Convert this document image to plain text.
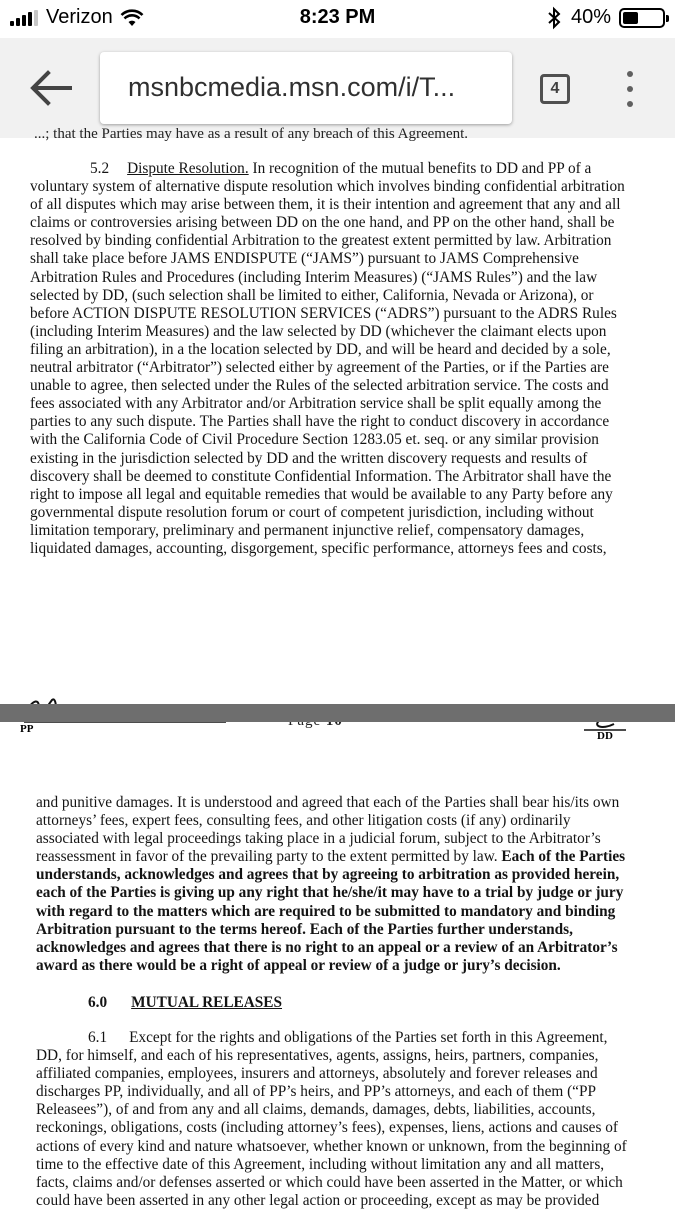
Verizon	8:23 PM	40%
msnbcmedia.msn.com/i/T...	4
...; that the Parties may have as a result of any breach of this Agreement.

5.2 Dispute Resolution. In recognition of the mutual benefits to DD and PP of a

voluntary system of alternative dispute resolution which involves binding confidential arbitration

of all disputes which may arise between them, it is their intention and agreement that any and all

claims or controversies arising between DD on the one hand, and PP on the other hand, shall be

resolved by binding confidential Arbitration to the greatest extent permitted by law. Arbitration

shall take place before JAMS ENDISPUTE (“JAMS”) pursuant to JAMS Comprehensive

Arbitration Rules and Procedures (including Interim Measures) (“JAMS Rules”) and the law

selected by DD, (such selection shall be limited to either, California, Nevada or Arizona), or

before ACTION DISPUTE RESOLUTION SERVICES (“ADRS”) pursuant to the ADRS Rules

(including Interim Measures) and the law selected by DD (whichever the claimant elects upon

filing an arbitration), in a the location selected by DD, and will be heard and decided by a sole,

neutral arbitrator (“Arbitrator”) selected either by agreement of the Parties, or if the Parties are

unable to agree, then selected under the Rules of the selected arbitration service. The costs and

fees associated with any Arbitrator and/or Arbitration service shall be split equally among the

parties to any such dispute. The Parties shall have the right to conduct discovery in accordance

with the California Code of Civil Procedure Section 1283.05 et. seq. or any similar provision

existing in the jurisdiction selected by DD and the written discovery requests and results of

discovery shall be deemed to constitute Confidential Information. The Arbitrator shall have the

right to impose all legal and equitable remedies that would be available to any Party before any

governmental dispute resolution forum or court of competent jurisdiction, including without

limitation temporary, preliminary and permanent injunctive relief, compensatory damages,

liquidated damages, accounting, disgorgement, specific performance, attorneys fees and costs,

PP
DD

and punitive damages. It is understood and agreed that each of the Parties shall bear his/its own

attorneys’ fees, expert fees, consulting fees, and other litigation costs (if any) ordinarily

associated with legal proceedings taking place in a judicial forum, subject to the Arbitrator’s

reassessment in favor of the prevailing party to the extent permitted by law. Each of the Parties

understands, acknowledges and agrees that by agreeing to arbitration as provided herein,

each of the Parties is giving up any right that he/she/it may have to a trial by judge or jury

with regard to the matters which are required to be submitted to mandatory and binding

Arbitration pursuant to the terms hereof. Each of the Parties further understands,

acknowledges and agrees that there is no right to an appeal or a review of an Arbitrator’s

award as there would be a right of appeal or review of a judge or jury’s decision.

6.0 MUTUAL RELEASES

6.1 Except for the rights and obligations of the Parties set forth in this Agreement,

DD, for himself, and each of his representatives, agents, assigns, heirs, partners, companies,

affiliated companies, employees, insurers and attorneys, absolutely and forever releases and

discharges PP, individually, and all of PP’s heirs, and PP’s attorneys, and each of them (“PP

Releasees”), of and from any and all claims, demands, damages, debts, liabilities, accounts,

reckonings, obligations, costs (including attorney’s fees), expenses, liens, actions and causes of

actions of every kind and nature whatsoever, whether known or unknown, from the beginning of

time to the effective date of this Agreement, including without limitation any and all matters,

facts, claims and/or defenses asserted or which could have been asserted in the Matter, or which

could have been asserted in any other legal action or proceeding, except as may be provided
